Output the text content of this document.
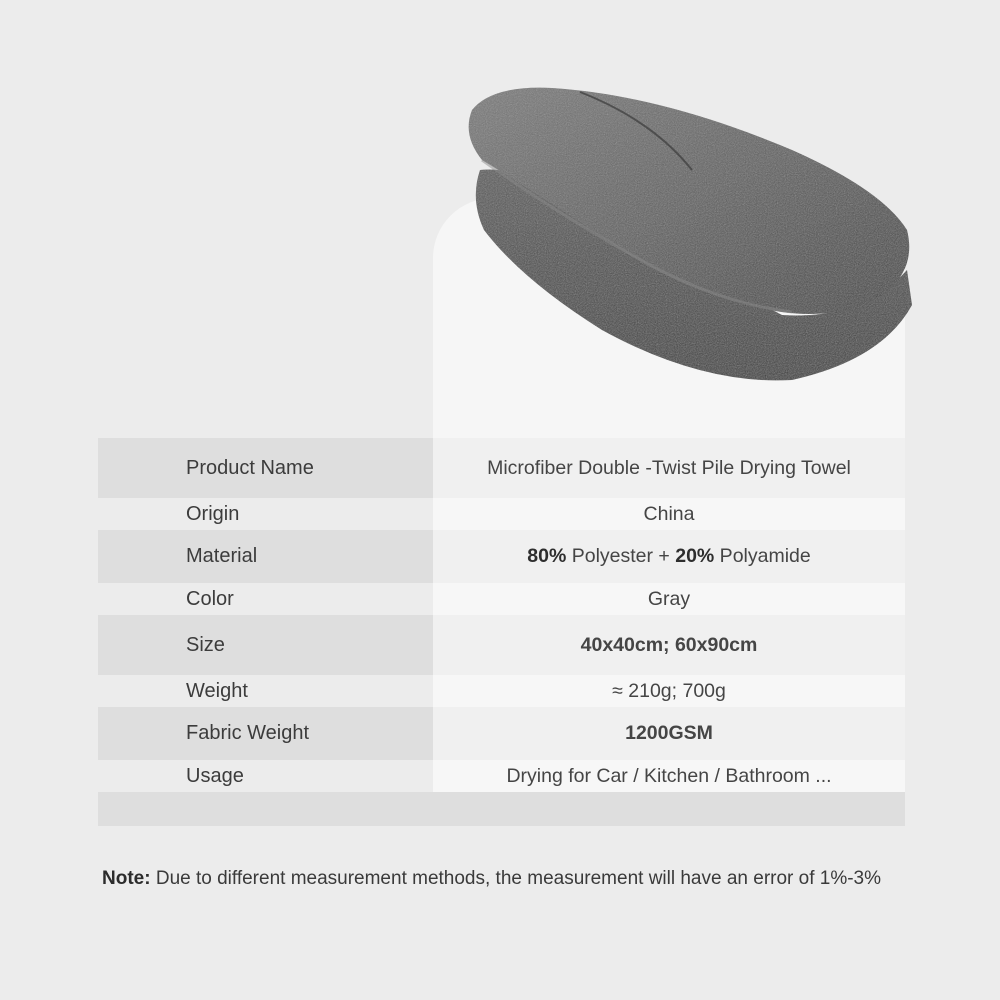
Product Name	Microfiber Double -Twist Pile Drying Towel
Origin	China
Material	80% Polyester + 20% Polyamide
Color	Gray
Size	40x40cm; 60x90cm
Weight	≈ 210g; 700g
Fabric Weight	1200GSM
Usage	Drying for Car / Kitchen / Bathroom ...
Note: Due to different measurement methods, the measurement will have an error of 1%-3%
